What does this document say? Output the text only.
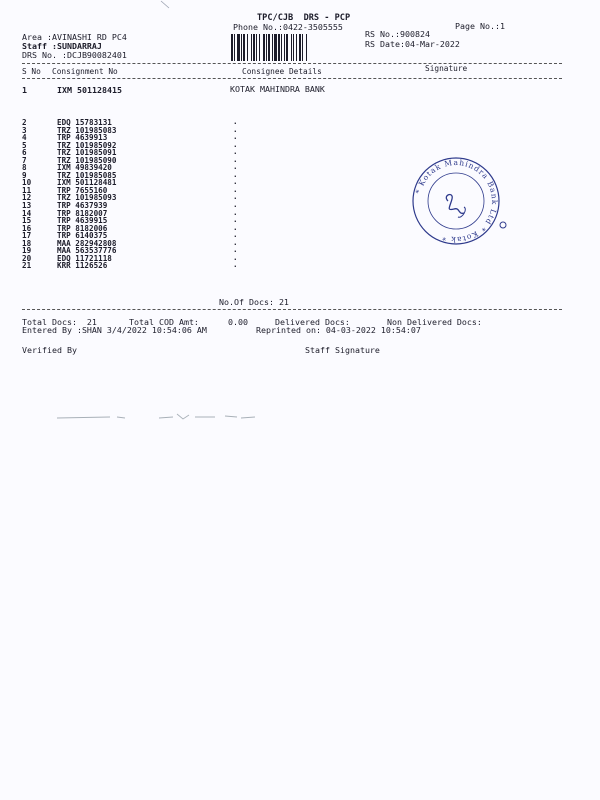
TPC/CJB  DRS - PCP
Phone No.:0422-3505555	Page No.:1
Area :AVINASHI RD PC4
Staff :SUNDARRAJ
DRS No. :DCJB90082401
RS No.:900824
RS Date:04-Mar-2022
S No Consignment No	Consignee Details	Signature
1	IXM 501128415	KOTAK MAHINDRA BANK
2	EDQ 15783131	.
3	TRZ 101985083	.
4	TRP 4639913	.
5	TRZ 101985092	.
6	TRZ 101985091	.
7	TRZ 101985090	.
8	IXM 49839420	.
9	TRZ 101985085	.
10	IXM 501128481	.
11	TRP 7655160	.
12	TRZ 101985093	.
13	TRP 4637939	.
14	TRP 8182007	.
15	TRP 4639915	.
16	TRP 8182006	.
17	TRP 6140375	.
18	MAA 282942808	.
19	MAA 563537776	.
20	EDQ 11721118	.
21	KRR 1126526	.
No.Of Docs: 21
Total Docs:  21	Total COD Amt:	0.00	Delivered Docs:	Non Delivered Docs:
Entered By :SHAN 3/4/2022 10:54:06 AM	Reprinted on: 04-03-2022 10:54:07
Verified By	Staff Signature
* Kotak Mahindra Bank Ltd * Kotak *
